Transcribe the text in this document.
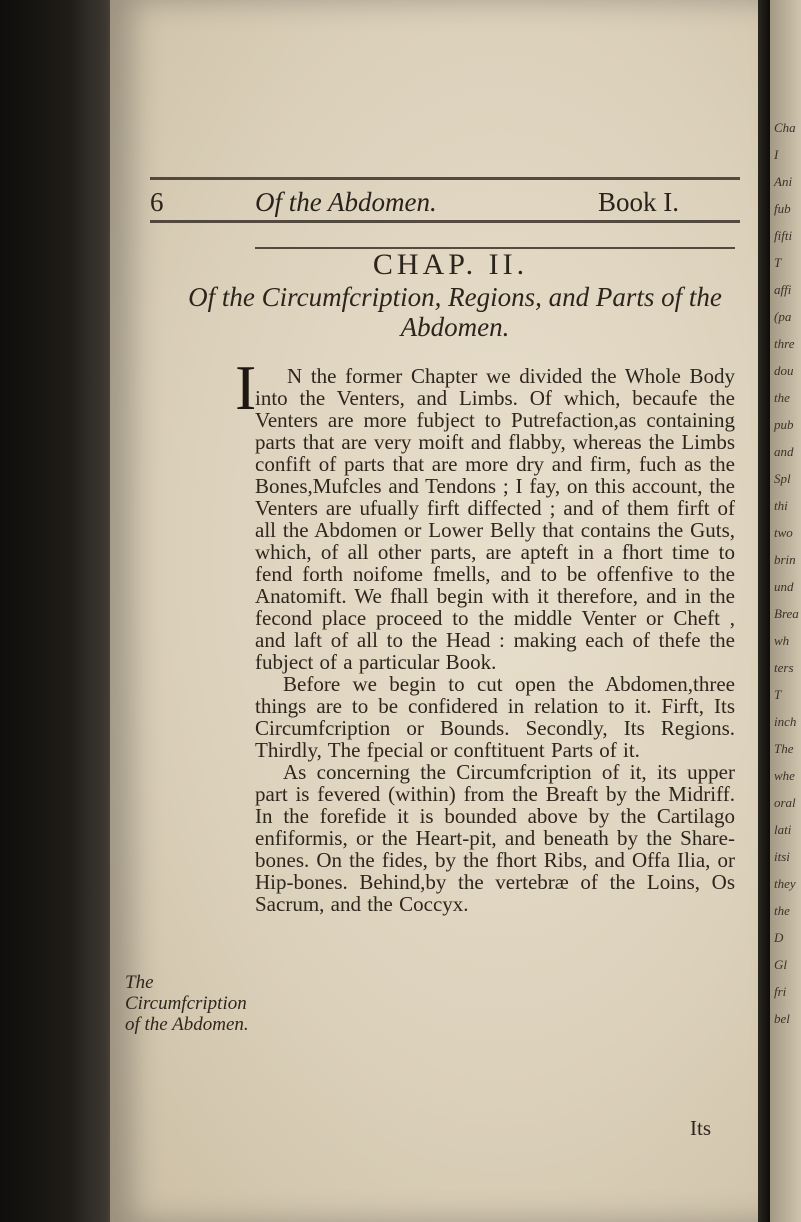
Cha
I
Ani
fub
fifti
T
affi
(pa
thre
dou
the
pub
and
Spl
thi
two
brin
und
Brea
wh
ters
T
inch
The
whe
oral
lati
itsi
they
the
D
Gl
fri
bel
6	Of the Abdomen.	Book I.
CHAP. II.
Of the Circumfcription, Regions, and Parts of the Abdomen.
I	N the former Chapter we divided the Whole Body into the Venters, and Limbs. Of which, becaufe the Venters are more fubject to Putrefaction,as containing parts that are very moift and flabby, whereas the Limbs confift of parts that are more dry and firm, fuch as the Bones,Mufcles and Tendons ; I fay, on this account, the Venters are ufually firft diffected ; and of them firft of all the Abdomen or Lower Belly that contains the Guts, which, of all other parts, are apteft in a fhort time to fend forth noifome fmells, and to be offenfive to the Anatomift. We fhall begin with it therefore, and in the fecond place proceed to the middle Venter or Cheft , and laft of all to the Head : making each of thefe the fubject of a particular Book.

Before we begin to cut open the Abdomen,three things are to be confidered in relation to it. Firft, Its Circumfcription or Bounds. Secondly, Its Regions. Thirdly, The fpecial or conftituent Parts of it.

As concerning the Circumfcription of it, its upper part is fevered (within) from the Breaft by the Midriff. In the forefide it is bounded above by the Cartilago enfiformis, or the Heart-pit, and beneath by the Share-bones. On the fides, by the fhort Ribs, and Offa Ilia, or Hip-bones. Behind,by the vertebræ of the Loins, Os Sacrum, and the Coccyx.

The Circumfcription of the Abdomen.
Its
